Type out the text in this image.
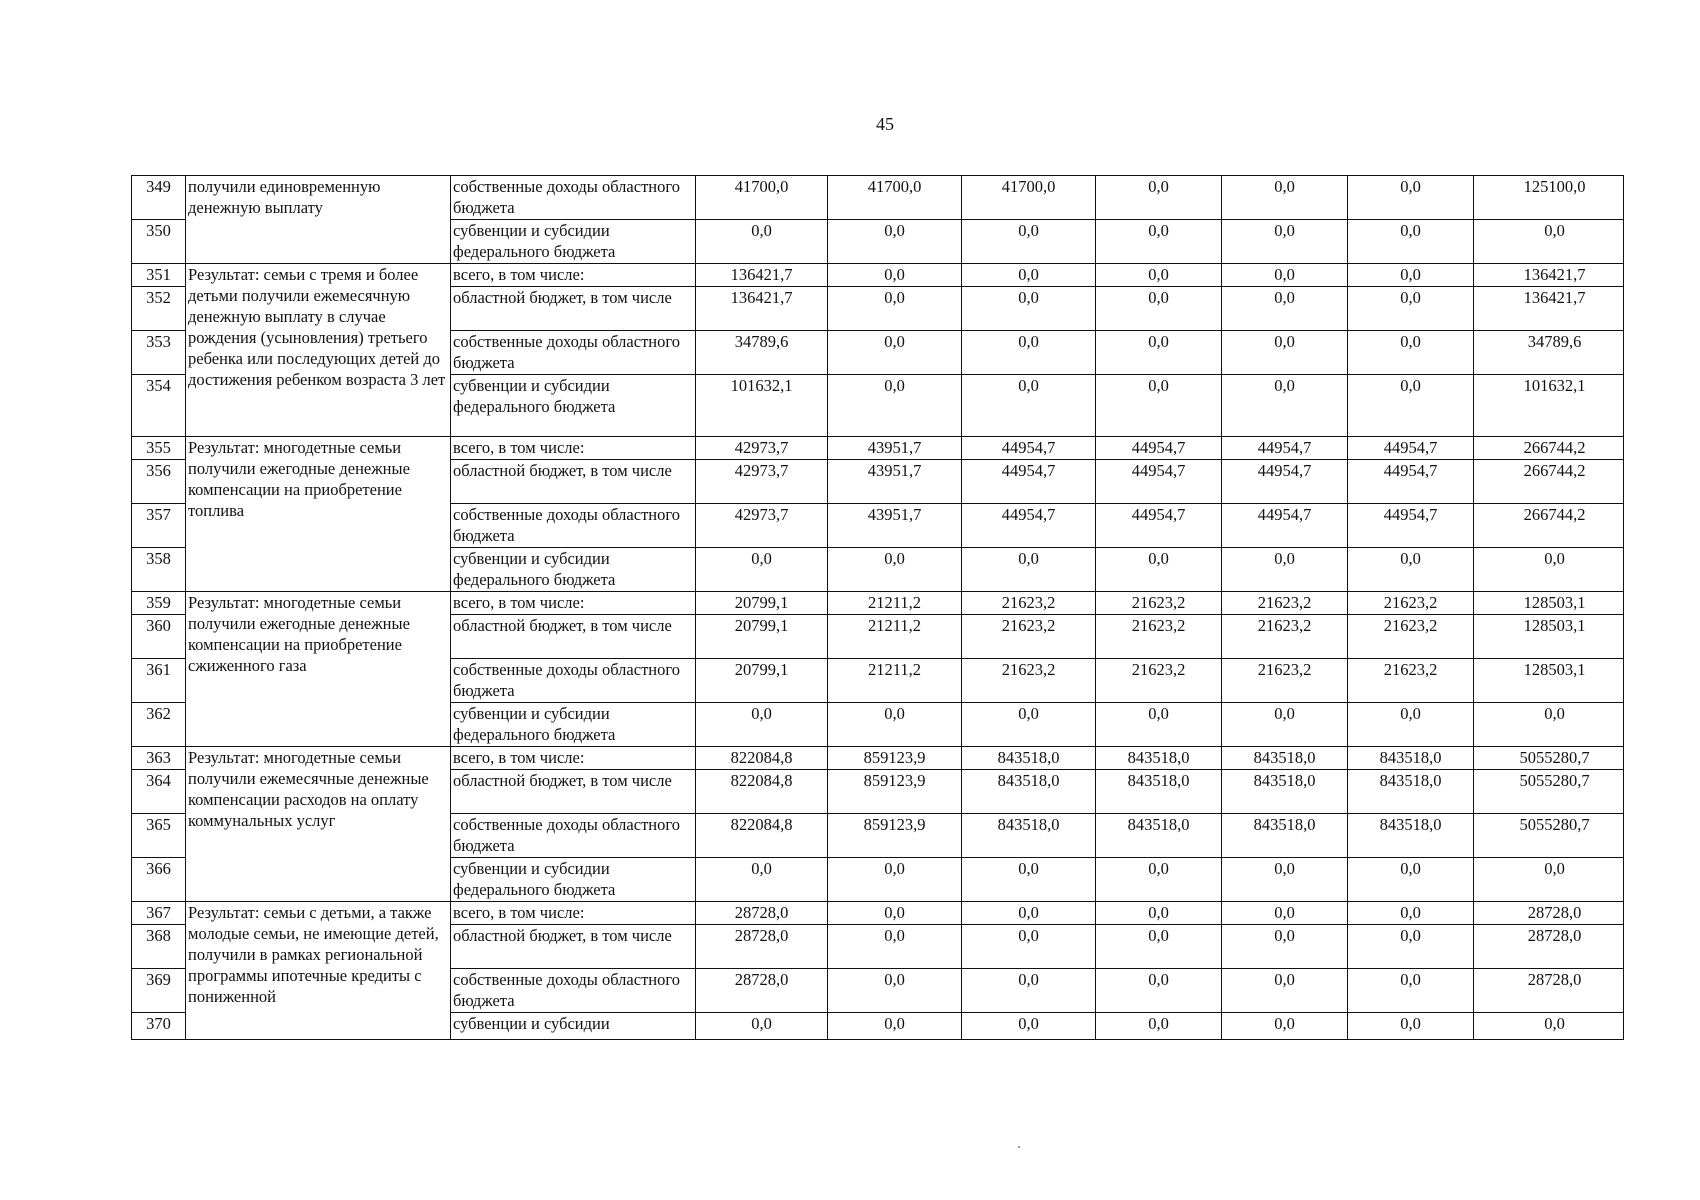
45
349	получили единовременную денежную выплату	собственные доходы областного бюджета	41700,0	41700,0	41700,0	0,0	0,0	0,0	125100,0
350		субвенции и субсидии федерального бюджета	0,0	0,0	0,0	0,0	0,0	0,0	0,0
351	Результат: семьи с тремя и более детьми получили ежемесячную денежную выплату в случае рождения (усыновления) третьего ребенка или последующих детей до достижения ребенком возраста 3 лет	всего, в том числе:	136421,7	0,0	0,0	0,0	0,0	0,0	136421,7
352		областной бюджет, в том числе	136421,7	0,0	0,0	0,0	0,0	0,0	136421,7
353		собственные доходы областного бюджета	34789,6	0,0	0,0	0,0	0,0	0,0	34789,6
354		субвенции и субсидии федерального бюджета	101632,1	0,0	0,0	0,0	0,0	0,0	101632,1
355	Результат: многодетные семьи получили ежегодные денежные компенсации на приобретение топлива	всего, в том числе:	42973,7	43951,7	44954,7	44954,7	44954,7	44954,7	266744,2
356		областной бюджет, в том числе	42973,7	43951,7	44954,7	44954,7	44954,7	44954,7	266744,2
357		собственные доходы областного бюджета	42973,7	43951,7	44954,7	44954,7	44954,7	44954,7	266744,2
358		субвенции и субсидии федерального бюджета	0,0	0,0	0,0	0,0	0,0	0,0	0,0
359	Результат: многодетные семьи получили ежегодные денежные компенсации на приобретение сжиженного газа	всего, в том числе:	20799,1	21211,2	21623,2	21623,2	21623,2	21623,2	128503,1
360		областной бюджет, в том числе	20799,1	21211,2	21623,2	21623,2	21623,2	21623,2	128503,1
361		собственные доходы областного бюджета	20799,1	21211,2	21623,2	21623,2	21623,2	21623,2	128503,1
362		субвенции и субсидии федерального бюджета	0,0	0,0	0,0	0,0	0,0	0,0	0,0
363	Результат: многодетные семьи получили ежемесячные денежные компенсации расходов на оплату коммунальных услуг	всего, в том числе:	822084,8	859123,9	843518,0	843518,0	843518,0	843518,0	5055280,7
364		областной бюджет, в том числе	822084,8	859123,9	843518,0	843518,0	843518,0	843518,0	5055280,7
365		собственные доходы областного бюджета	822084,8	859123,9	843518,0	843518,0	843518,0	843518,0	5055280,7
366		субвенции и субсидии федерального бюджета	0,0	0,0	0,0	0,0	0,0	0,0	0,0
367	Результат: семьи с детьми, а также молодые семьи, не имеющие детей, получили в рамках региональной программы ипотечные кредиты с пониженной	всего, в том числе:	28728,0	0,0	0,0	0,0	0,0	0,0	28728,0
368		областной бюджет, в том числе	28728,0	0,0	0,0	0,0	0,0	0,0	28728,0
369		собственные доходы областного бюджета	28728,0	0,0	0,0	0,0	0,0	0,0	28728,0
370		субвенции и субсидии	0,0	0,0	0,0	0,0	0,0	0,0	0,0
